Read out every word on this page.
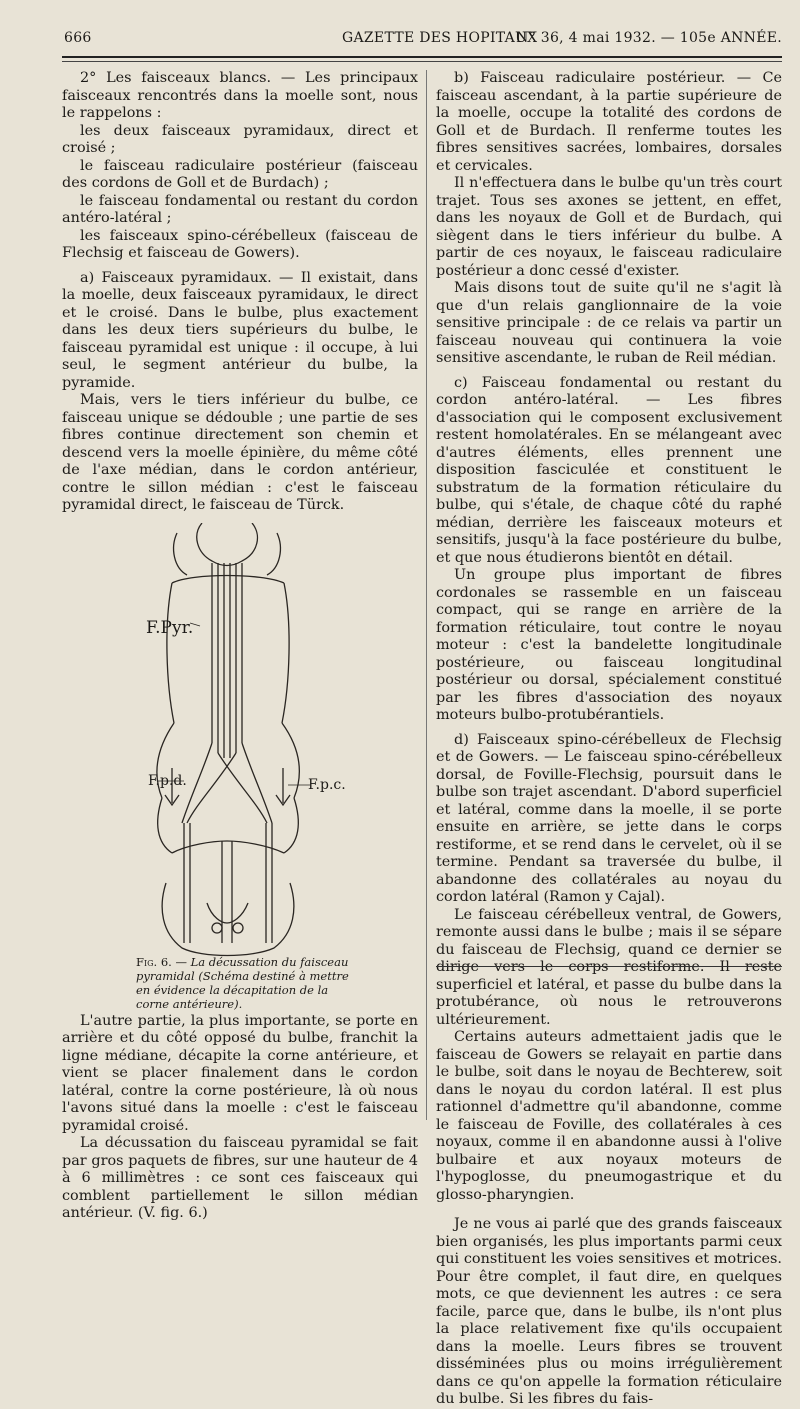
666	GAZETTE DES HOPITAUX
N° 36, 4 mai 1932. — 105e ANNÉE.

2° Les faisceaux blancs. — Les principaux faisceaux rencontrés dans la moelle sont, nous le rappelons :

les deux faisceaux pyramidaux, direct et croisé ;

le faisceau radiculaire postérieur (faisceau des cordons de Goll et de Burdach) ;

le faisceau fondamental ou restant du cordon antéro-latéral ;

les faisceaux spino-cérébelleux (faisceau de Flechsig et faisceau de Gowers).

a) Faisceaux pyramidaux. — Il existait, dans la moelle, deux faisceaux pyramidaux, le direct et le croisé. Dans le bulbe, plus exactement dans les deux tiers supérieurs du bulbe, le faisceau pyramidal est unique : il occupe, à lui seul, le segment antérieur du bulbe, la pyramide.

Mais, vers le tiers inférieur du bulbe, ce faisceau unique se dédouble ; une partie de ses fibres continue directement son chemin et descend vers la moelle épinière, du même côté de l'axe médian, dans le cordon antérieur, contre le sillon médian : c'est le faisceau pyramidal direct, le faisceau de Türck.

F.Pyr.
F.p.d.	F.p.c.
Fig. 6. — La décussation du faisceau pyramidal (Schéma destiné à mettre en évidence la décapitation de la corne antérieure).

L'autre partie, la plus importante, se porte en arrière et du côté opposé du bulbe, franchit la ligne médiane, décapite la corne antérieure, et vient se placer finalement dans le cordon latéral, contre la corne postérieure, là où nous l'avons situé dans la moelle : c'est le faisceau pyramidal croisé.

La décussation du faisceau pyramidal se fait par gros paquets de fibres, sur une hauteur de 4 à 6 millimètres : ce sont ces faisceaux qui comblent partiellement le sillon médian antérieur. (V. fig. 6.)

b) Faisceau radiculaire postérieur. — Ce faisceau ascendant, à la partie supérieure de la moelle, occupe la totalité des cordons de Goll et de Burdach. Il renferme toutes les fibres sensitives sacrées, lombaires, dorsales et cervicales.

Il n'effectuera dans le bulbe qu'un très court trajet. Tous ses axones se jettent, en effet, dans les noyaux de Goll et de Burdach, qui siègent dans le tiers inférieur du bulbe. A partir de ces noyaux, le faisceau radiculaire postérieur a donc cessé d'exister.

Mais disons tout de suite qu'il ne s'agit là que d'un relais ganglionnaire de la voie sensitive principale : de ce relais va partir un faisceau nouveau qui continuera la voie sensitive ascendante, le ruban de Reil médian.

c) Faisceau fondamental ou restant du cordon antéro-latéral. — Les fibres d'association qui le composent exclusivement restent homolatérales. En se mélangeant avec d'autres éléments, elles prennent une disposition fasciculée et constituent le substratum de la formation réticulaire du bulbe, qui s'étale, de chaque côté du raphé médian, derrière les faisceaux moteurs et sensitifs, jusqu'à la face postérieure du bulbe, et que nous étudierons bientôt en détail.

Un groupe plus important de fibres cordonales se rassemble en un faisceau compact, qui se range en arrière de la formation réticulaire, tout contre le noyau moteur : c'est la bandelette longitudinale postérieure, ou faisceau longitudinal postérieur ou dorsal, spécialement constitué par les fibres d'association des noyaux moteurs bulbo-protubérantiels.

d) Faisceaux spino-cérébelleux de Flechsig et de Gowers. — Le faisceau spino-cérébelleux dorsal, de Foville-Flechsig, poursuit dans le bulbe son trajet ascendant. D'abord superficiel et latéral, comme dans la moelle, il se porte ensuite en arrière, se jette dans le corps restiforme, et se rend dans le cervelet, où il se termine. Pendant sa traversée du bulbe, il abandonne des collatérales au noyau du cordon latéral (Ramon y Cajal).

Le faisceau cérébelleux ventral, de Gowers, remonte aussi dans le bulbe ; mais il se sépare du faisceau de Flechsig, quand ce dernier se dirige vers le corps restiforme. Il reste superficiel et latéral, et passe du bulbe dans la protubérance, où nous le retrouverons ultérieurement.

Certains auteurs admettaient jadis que le faisceau de Gowers se relayait en partie dans le bulbe, soit dans le noyau de Bechterew, soit dans le noyau du cordon latéral. Il est plus rationnel d'admettre qu'il abandonne, comme le faisceau de Foville, des collatérales à ces noyaux, comme il en abandonne aussi à l'olive bulbaire et aux noyaux moteurs de l'hypoglosse, du pneumogastrique et du glosso-pharyngien.

Je ne vous ai parlé que des grands faisceaux bien organisés, les plus importants parmi ceux qui constituent les voies sensitives et motrices. Pour être complet, il faut dire, en quelques mots, ce que deviennent les autres : ce sera facile, parce que, dans le bulbe, ils n'ont plus la place relativement fixe qu'ils occupaient dans la moelle. Leurs fibres se trouvent disséminées plus ou moins irrégulièrement dans ce qu'on appelle la formation réticulaire du bulbe. Si les fibres du fais-
